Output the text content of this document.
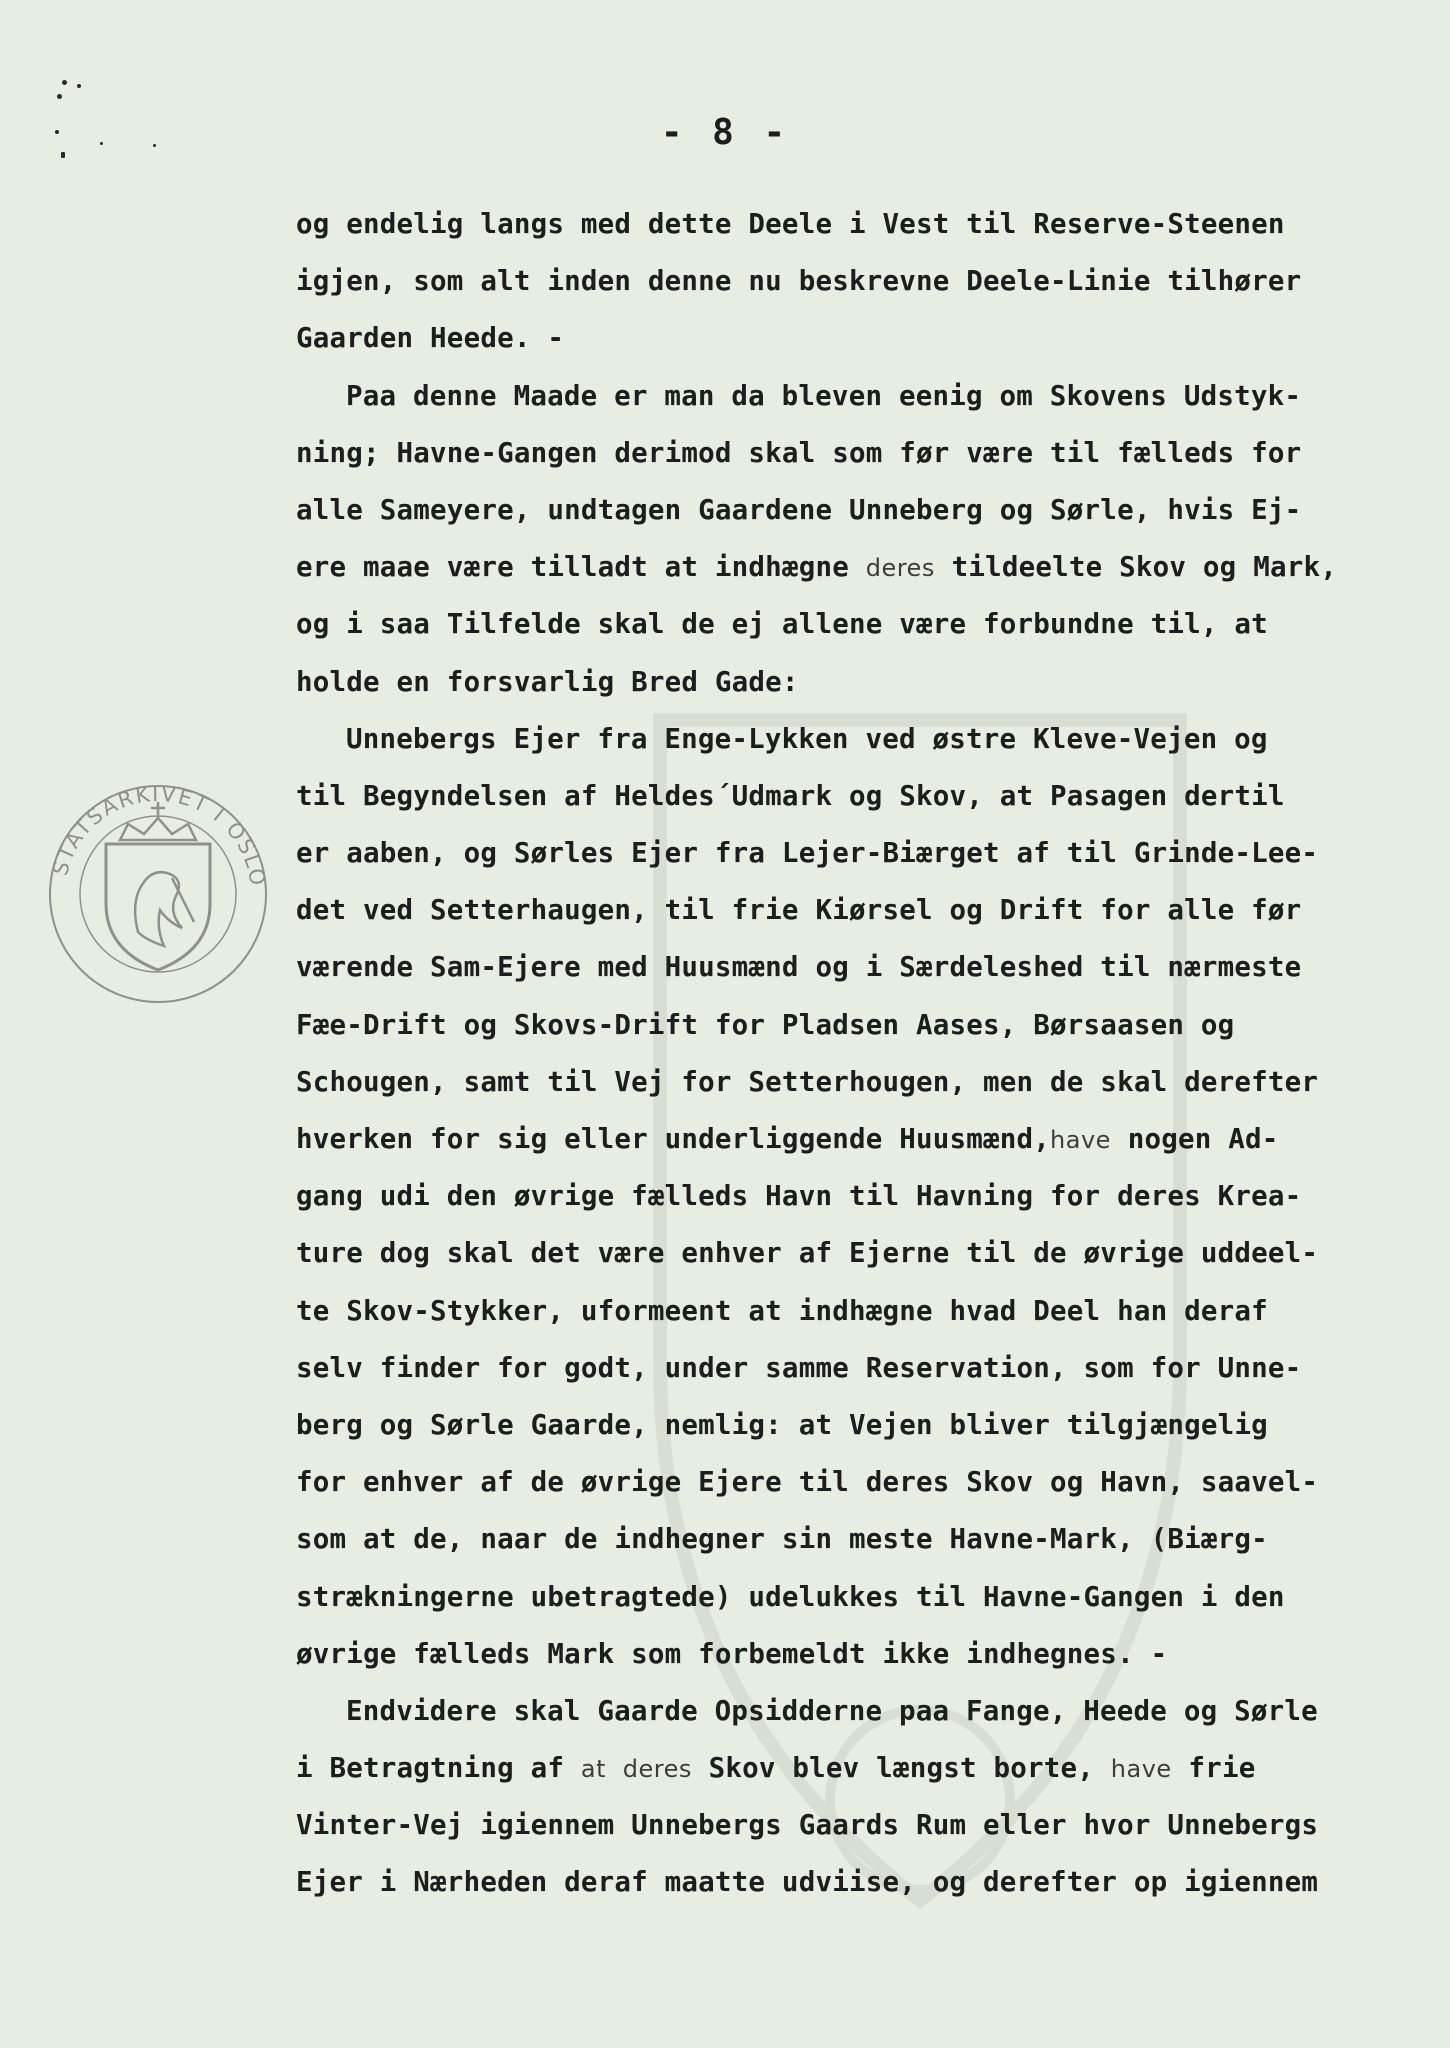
- 8 -
og endelig langs med dette Deele i Vest til Reserve-Steenen
igjen, som alt inden denne nu beskrevne Deele-Linie tilhører
Gaarden Heede. -
Paa denne Maade er man da bleven eenig om Skovens Udstyk-
ning; Havne-Gangen derimod skal som før være til fælleds for
alle Sameyere, undtagen Gaardene Unneberg og Sørle, hvis Ej-
ere maae være tilladt at indhægne deres tildeelte Skov og Mark,
og i saa Tilfelde skal de ej allene være forbundne til, at
holde en forsvarlig Bred Gade:
Unnebergs Ejer fra Enge-Lykken ved østre Kleve-Vejen og
til Begyndelsen af Heldes´Udmark og Skov, at Pasagen dertil
er aaben, og Sørles Ejer fra Lejer-Biærget af til Grinde-Lee-
det ved Setterhaugen, til frie Kiørsel og Drift for alle før
værende Sam-Ejere med Huusmænd og i Særdeleshed til nærmeste
Fæe-Drift og Skovs-Drift for Pladsen Aases, Børsaasen og
Schougen, samt til Vej for Setterhougen, men de skal derefter
hverken for sig eller underliggende Huusmænd,have nogen Ad-
gang udi den øvrige fælleds Havn til Havning for deres Krea-
ture dog skal det være enhver af Ejerne til de øvrige uddeel-
te Skov-Stykker, uformeent at indhægne hvad Deel han deraf
selv finder for godt, under samme Reservation, som for Unne-
berg og Sørle Gaarde, nemlig: at Vejen bliver tilgjængelig
for enhver af de øvrige Ejere til deres Skov og Havn, saavel-
som at de, naar de indhegner sin meste Havne-Mark, (Biærg-
strækningerne ubetragtede) udelukkes til Havne-Gangen i den
øvrige fælleds Mark som forbemeldt ikke indhegnes. -
Endvidere skal Gaarde Opsidderne paa Fange, Heede og Sørle
i Betragtning af at deres Skov blev længst borte, have frie
Vinter-Vej igiennem Unnebergs Gaards Rum eller hvor Unnebergs
Ejer i Nærheden deraf maatte udviise, og derefter op igiennem
STATSARKIVET I OSLO
